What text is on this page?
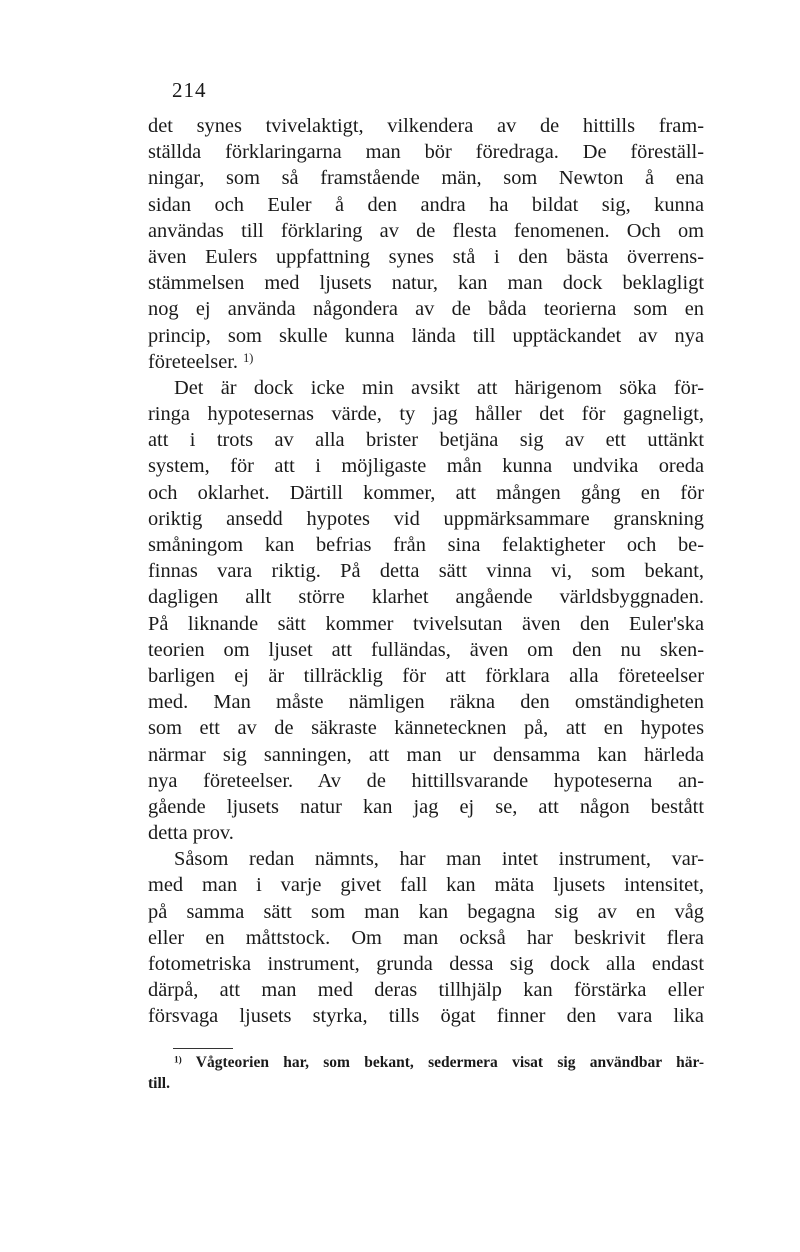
214
det synes tvivelaktigt, vilkendera av de hittills fram-
ställda förklaringarna man bör föredraga. De föreställ-
ningar, som så framstående män, som Newton å ena
sidan och Euler å den andra ha bildat sig, kunna
användas till förklaring av de flesta fenomenen. Och om
även Eulers uppfattning synes stå i den bästa överrens-
stämmelsen med ljusets natur, kan man dock beklagligt
nog ej använda någondera av de båda teorierna som en
princip, som skulle kunna lända till upptäckandet av nya
företeelser. $^{1)}$
Det är dock icke min avsikt att härigenom söka för-
ringa hypotesernas värde, ty jag håller det för gagneligt,
att i trots av alla brister betjäna sig av ett uttänkt
system, för att i möjligaste mån kunna undvika oreda
och oklarhet. Därtill kommer, att mången gång en för
oriktig ansedd hypotes vid uppmärksammare granskning
småningom kan befrias från sina felaktigheter och be-
finnas vara riktig. På detta sätt vinna vi, som bekant,
dagligen allt större klarhet angående världsbyggnaden.
På liknande sätt kommer tvivelsutan även den Euler'ska
teorien om ljuset att fulländas, även om den nu sken-
barligen ej är tillräcklig för att förklara alla företeelser
med. Man måste nämligen räkna den omständigheten
som ett av de säkraste kännetecknen på, att en hypotes
närmar sig sanningen, att man ur densamma kan härleda
nya företeelser. Av de hittillsvarande hypoteserna an-
gående ljusets natur kan jag ej se, att någon bestått
detta prov.
Såsom redan nämnts, har man intet instrument, var-
med man i varje givet fall kan mäta ljusets intensitet,
på samma sätt som man kan begagna sig av en våg
eller en måttstock. Om man också har beskrivit flera
fotometriska instrument, grunda dessa sig dock alla endast
därpå, att man med deras tillhjälp kan förstärka eller
försvaga ljusets styrka, tills ögat finner den vara lika
$^{1)}$ Vågteorien har, som bekant, sedermera visat sig användbar här-
till.
